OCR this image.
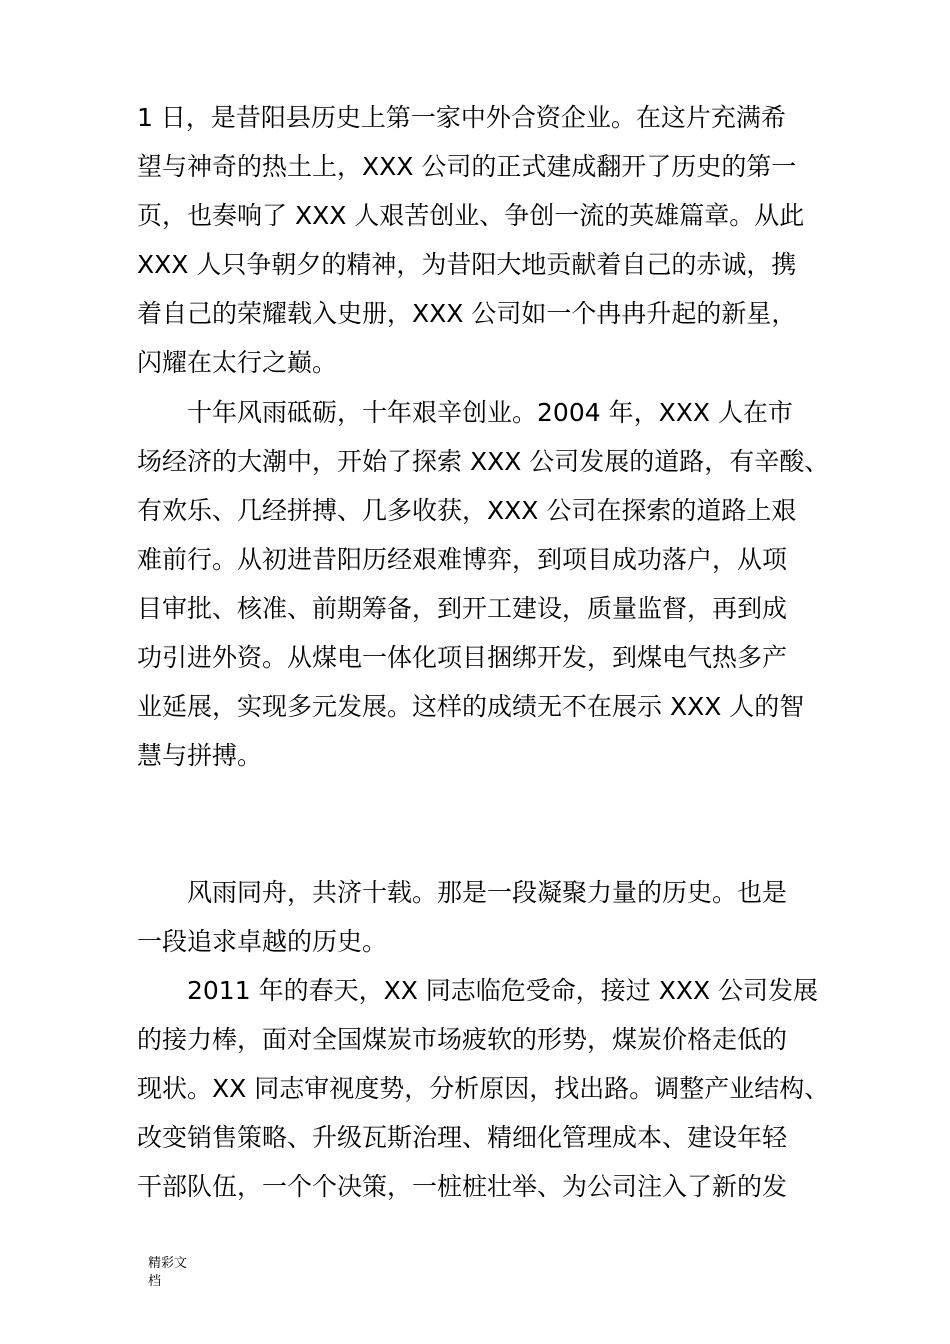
1 日，是昔阳县历史上第一家中外合资企业。在这片充满希
望与神奇的热土上，XXX 公司的正式建成翻开了历史的第一
页，也奏响了 XXX 人艰苦创业、争创一流的英雄篇章。从此
XXX 人只争朝夕的精神，为昔阳大地贡献着自己的赤诚，携
着自己的荣耀载入史册，XXX 公司如一个冉冉升起的新星，
闪耀在太行之巅。
十年风雨砥砺，十年艰辛创业。2004 年，XXX 人在市
场经济的大潮中，开始了探索 XXX 公司发展的道路，有辛酸、
有欢乐、几经拼搏、几多收获，XXX 公司在探索的道路上艰
难前行。从初进昔阳历经艰难博弈，到项目成功落户，从项
目审批、核准、前期筹备，到开工建设，质量监督，再到成
功引进外资。从煤电一体化项目捆绑开发，到煤电气热多产
业延展，实现多元发展。这样的成绩无不在展示 XXX 人的智
慧与拼搏。
风雨同舟，共济十载。那是一段凝聚力量的历史。也是
一段追求卓越的历史。
2011 年的春天，XX 同志临危受命，接过 XXX 公司发展
的接力棒，面对全国煤炭市场疲软的形势，煤炭价格走低的
现状。XX 同志审视度势，分析原因，找出路。调整产业结构、
改变销售策略、升级瓦斯治理、精细化管理成本、建设年轻
干部队伍，一个个决策，一桩桩壮举、为公司注入了新的发
精彩文
档
